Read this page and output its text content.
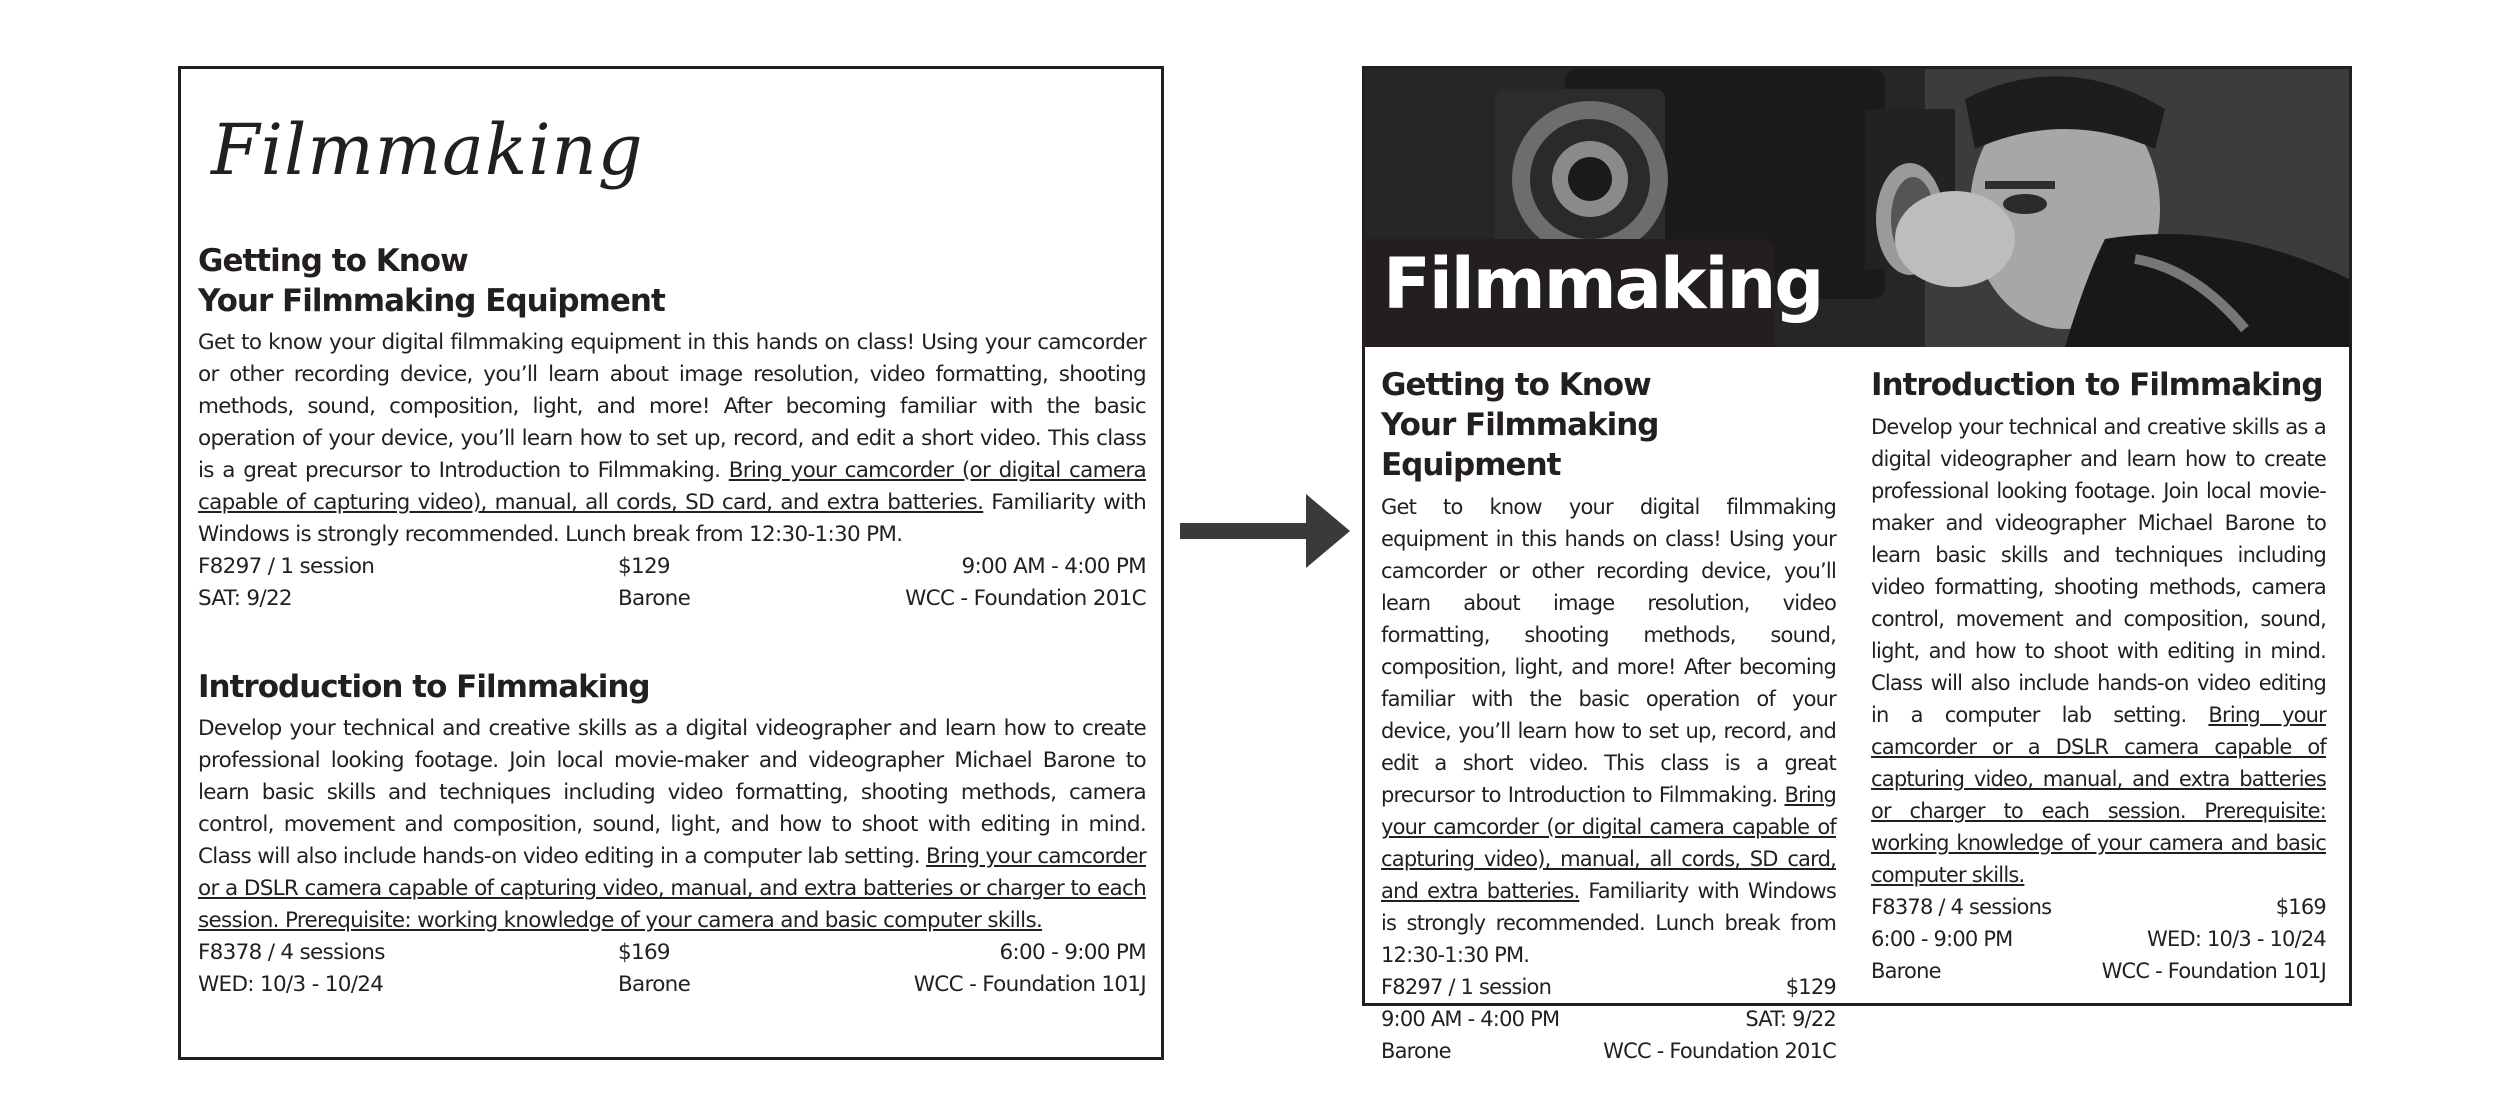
Filmmaking
Getting to Know
Your Filmmaking Equipment

Get to know your digital filmmaking equipment in this hands on class! Using your camcorder or other recording device, you’ll learn about image resolution, video formatting, shooting methods, sound, composition, light, and more! After becoming familiar with the basic operation of your device, you’ll learn how to set up, record, and edit a short video. This class is a great precursor to Introduction to Filmmaking. Bring your camcorder (or digital camera capable of capturing video), manual, all cords, SD card, and extra batteries. Familiarity with Windows is strongly recommended. Lunch break from 12:30-1:30 PM.

F8297 / 1 session	$129	9:00 AM - 4:00 PM
SAT: 9/22	Barone	WCC - Foundation 201C
Introduction to Filmmaking

Develop your technical and creative skills as a digital videographer and learn how to create professional looking footage. Join local movie-maker and videographer Michael Barone to learn basic skills and techniques including video formatting, shooting methods, camera control, movement and composition, sound, light, and how to shoot with editing in mind. Class will also include hands-on video editing in a computer lab setting. Bring your camcorder or a DSLR camera capable of capturing video, manual, and extra batteries or charger to each session. Prerequisite: working knowledge of your camera and basic computer skills.

F8378 / 4 sessions	$169	6:00 - 9:00 PM
WED: 10/3 - 10/24	Barone	WCC - Foundation 101J
Filmmaking
Getting to Know
Your Filmmaking Equipment

Get to know your digital filmmaking equipment in this hands on class! Using your camcorder or other recording device, you’ll learn about image resolution, video formatting, shooting methods, sound, composition, light, and more! After becoming familiar with the basic operation of your device, you’ll learn how to set up, record, and edit a short video. This class is a great precursor to Introduction to Filmmaking. Bring your camcorder (or digital camera capable of capturing video), manual, all cords, SD card, and extra batteries. Familiarity with Windows is strongly recommended. Lunch break from 12:30-1:30 PM.

F8297 / 1 session	$129
9:00 AM - 4:00 PM	SAT: 9/22
Barone	WCC - Foundation 201C
Introduction to Filmmaking

Develop your technical and creative skills as a digital videographer and learn how to create professional looking footage. Join local movie-maker and videographer Michael Barone to learn basic skills and techniques including video formatting, shooting methods, camera control, movement and composition, sound, light, and how to shoot with editing in mind. Class will also include hands-on video editing in a computer lab setting. Bring your camcorder or a DSLR camera capable of capturing video, manual, and extra batteries or charger to each session. Prerequisite: working knowledge of your camera and basic computer skills.

F8378 / 4 sessions	$169
6:00 - 9:00 PM	WED: 10/3 - 10/24
Barone	WCC - Foundation 101J
